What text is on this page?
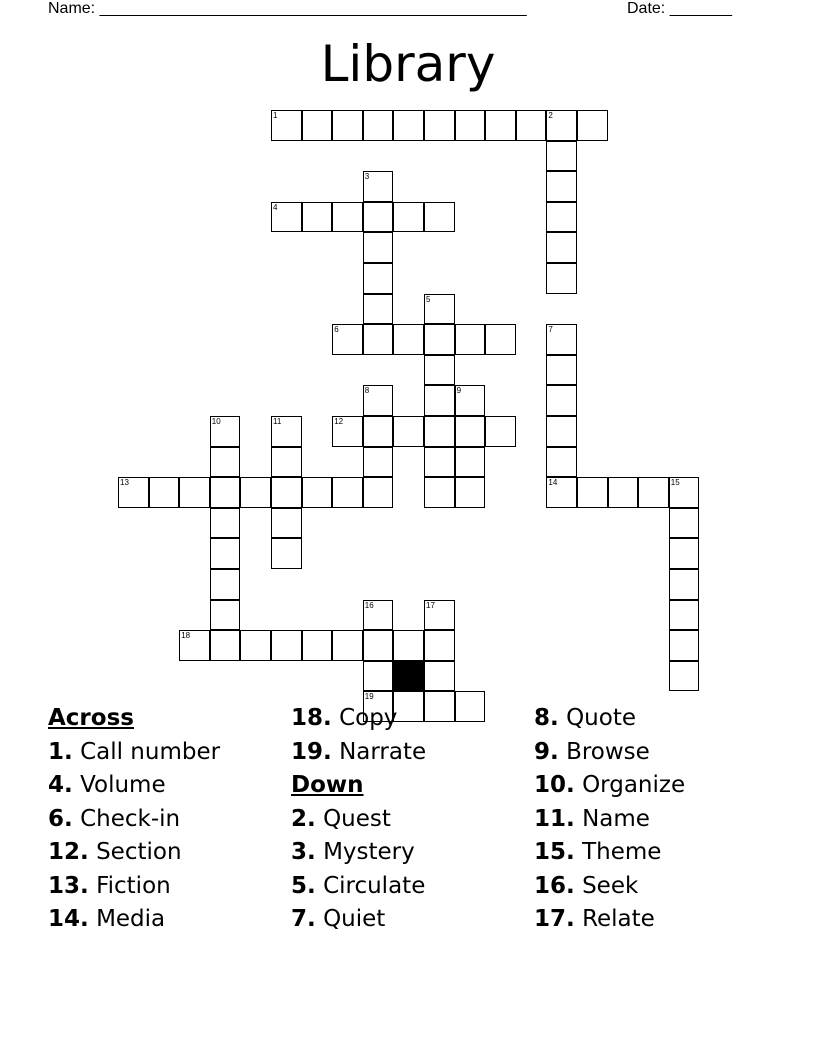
Name: ________________________________________________	Date: _______
Library
1	2
3
4
5
6	7
8	9
10	11	12
13	14	15
16	17
18
19
Across
1. Call number
4. Volume
6. Check-in
12. Section
13. Fiction
14. Media
18. Copy
19. Narrate
Down
2. Quest
3. Mystery
5. Circulate
7. Quiet
8. Quote
9. Browse
10. Organize
11. Name
15. Theme
16. Seek
17. Relate
